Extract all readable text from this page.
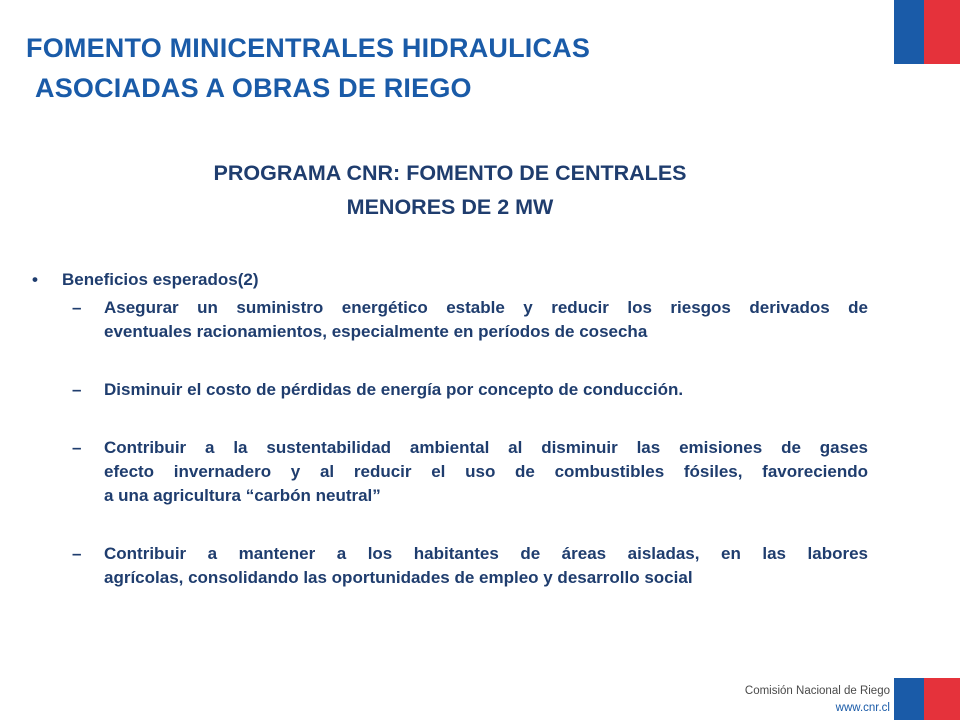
FOMENTO MINICENTRALES HIDRAULICAS
ASOCIADAS A OBRAS DE RIEGO
PROGRAMA CNR: FOMENTO DE CENTRALES
MENORES DE 2 MW
•	Beneficios esperados(2)
–	Asegurar un suministro energético estable y reducir los riesgos derivados de
eventuales racionamientos, especialmente en períodos de cosecha
–	Disminuir el costo de pérdidas de energía por concepto de conducción.
–	Contribuir a la sustentabilidad ambiental al disminuir las emisiones de gases
efecto invernadero y al reducir el uso de combustibles fósiles, favoreciendo
a una agricultura “carbón neutral”
–	Contribuir a mantener a los habitantes de áreas aisladas, en las labores
agrícolas, consolidando las oportunidades de empleo y desarrollo social
Comisión Nacional de Riego
www.cnr.cl
